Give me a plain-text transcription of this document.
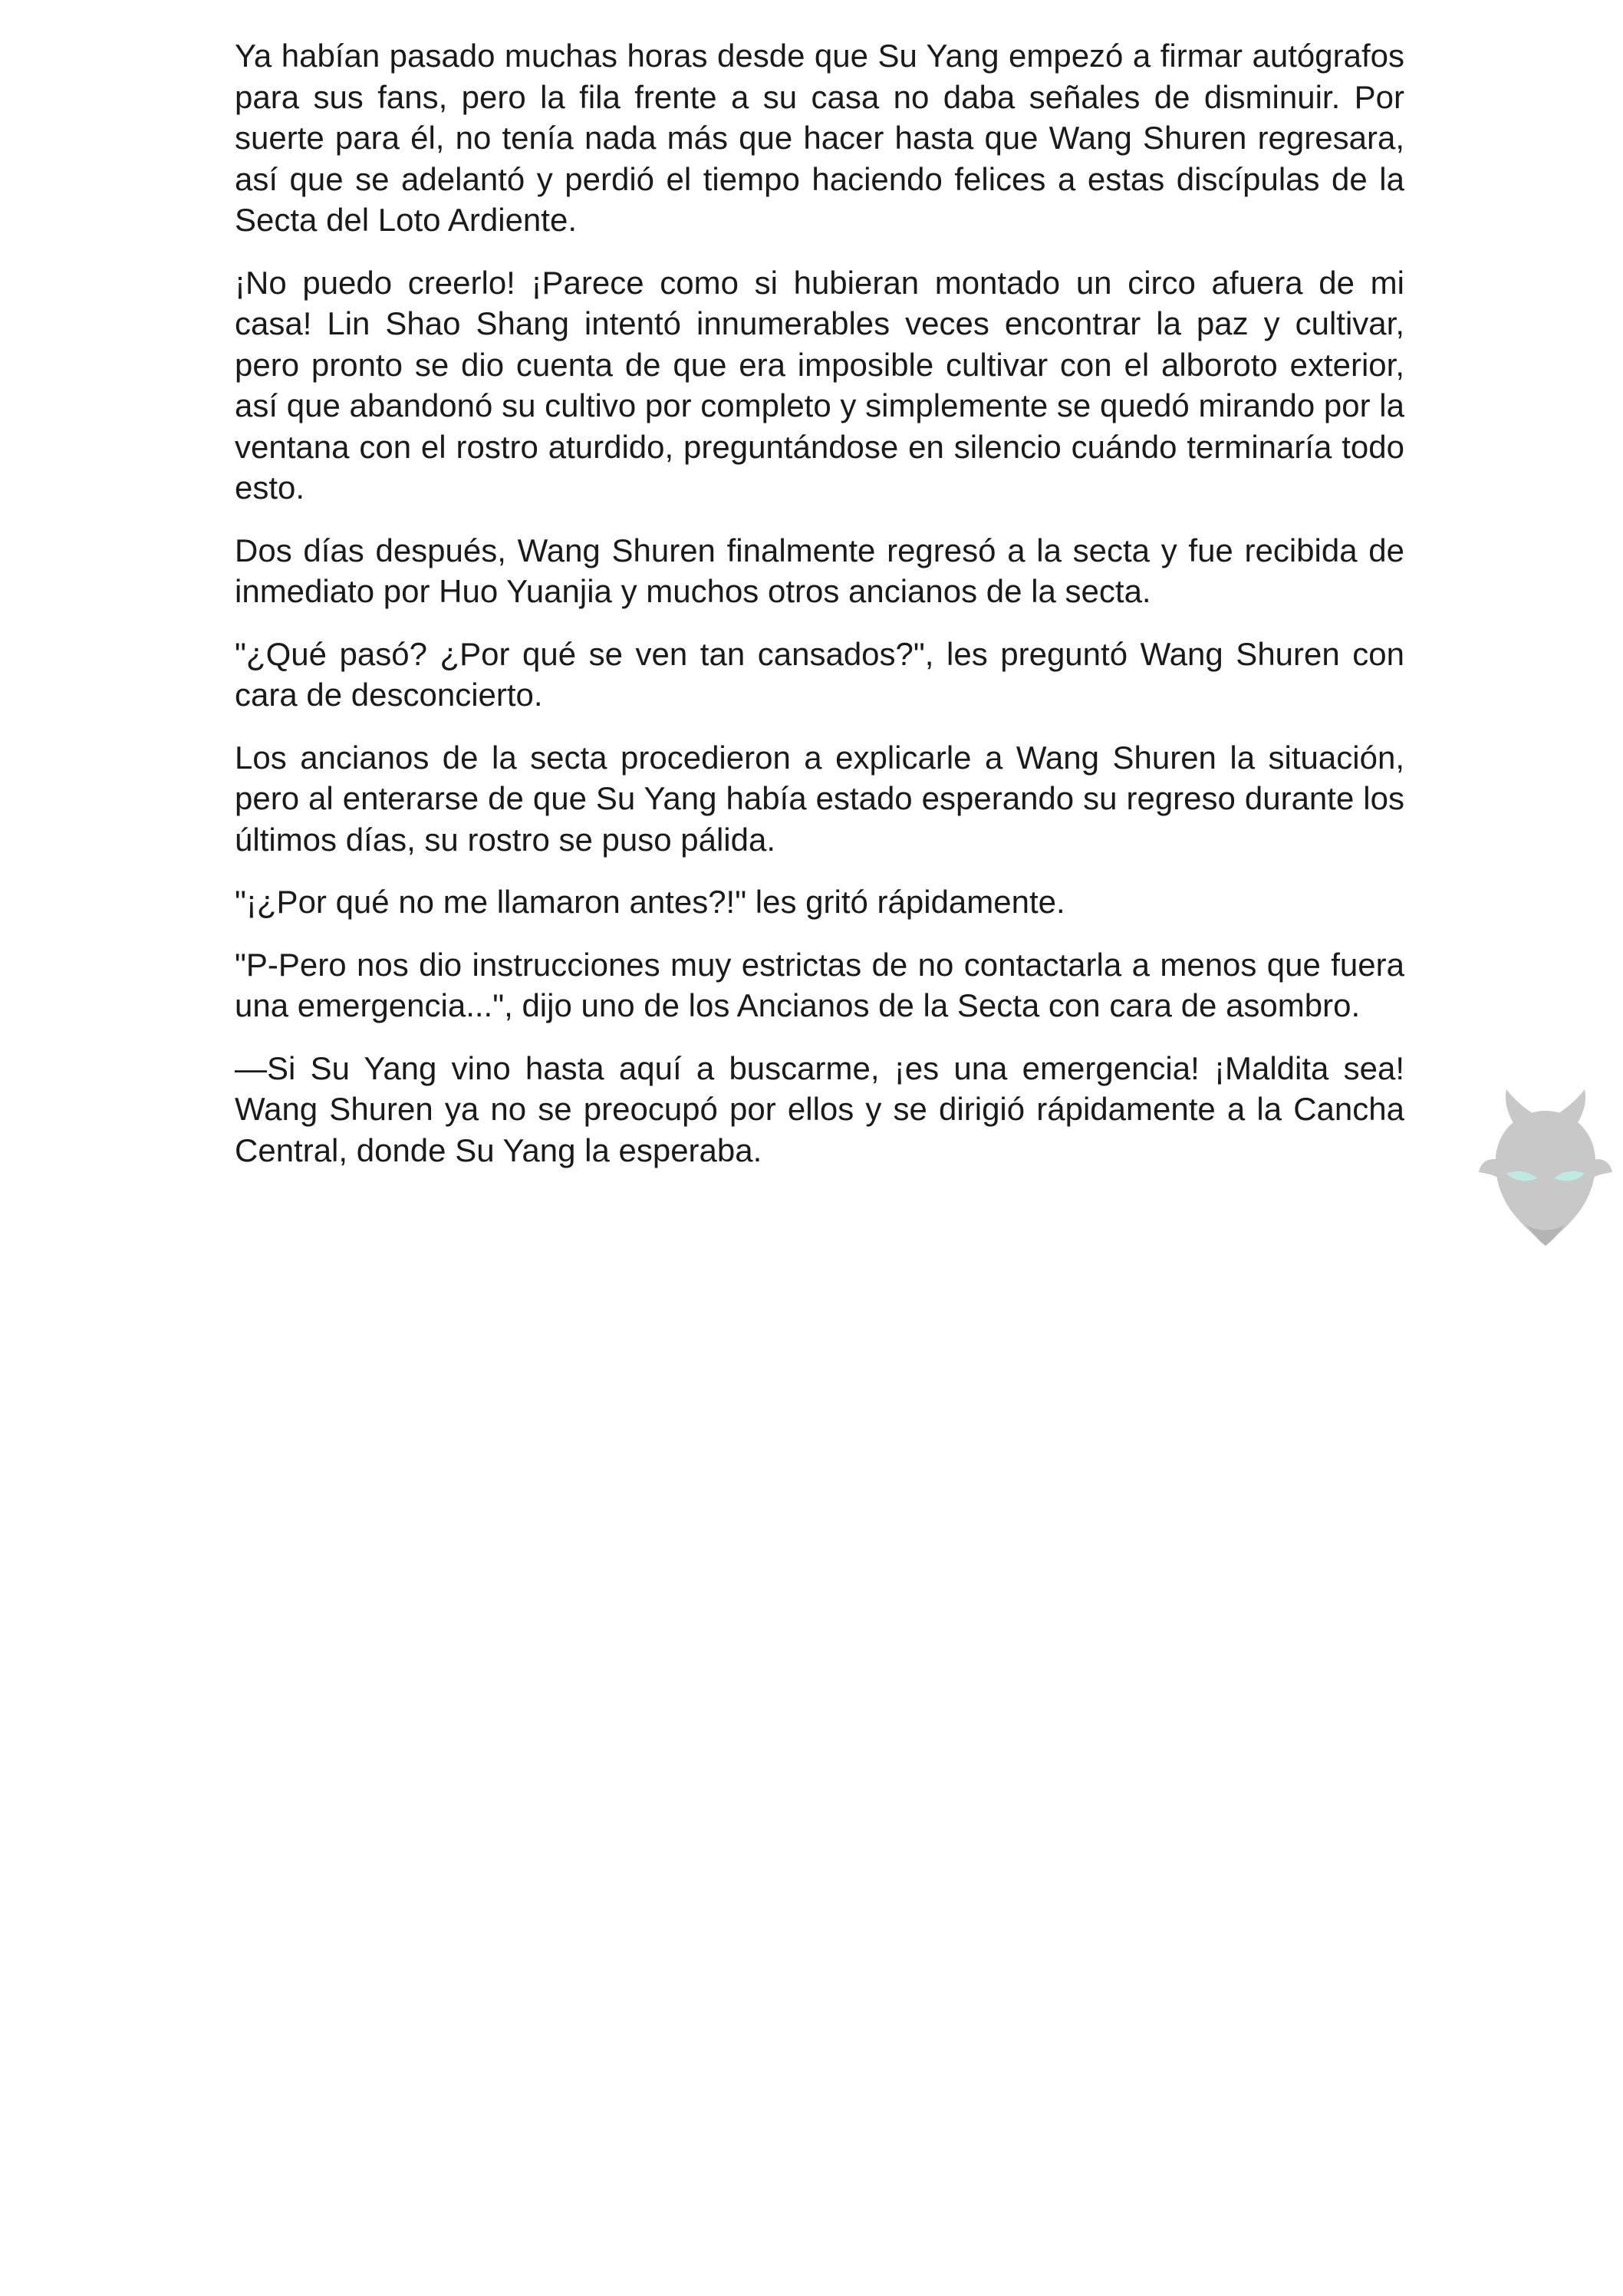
Ya habían pasado muchas horas desde que Su Yang empezó a firmar autógrafos para sus fans, pero la fila frente a su casa no daba señales de disminuir. Por suerte para él, no tenía nada más que hacer hasta que Wang Shuren regresara, así que se adelantó y perdió el tiempo haciendo felices a estas discípulas de la Secta del Loto Ardiente.

¡No puedo creerlo! ¡Parece como si hubieran montado un circo afuera de mi casa! Lin Shao Shang intentó innumerables veces encontrar la paz y cultivar, pero pronto se dio cuenta de que era imposible cultivar con el alboroto exterior, así que abandonó su cultivo por completo y simplemente se quedó mirando por la ventana con el rostro aturdido, preguntándose en silencio cuándo terminaría todo esto.

Dos días después, Wang Shuren finalmente regresó a la secta y fue recibida de inmediato por Huo Yuanjia y muchos otros ancianos de la secta.

"¿Qué pasó? ¿Por qué se ven tan cansados?", les preguntó Wang Shuren con cara de desconcierto.

Los ancianos de la secta procedieron a explicarle a Wang Shuren la situación, pero al enterarse de que Su Yang había estado esperando su regreso durante los últimos días, su rostro se puso pálida.

"¡¿Por qué no me llamaron antes?!" les gritó rápidamente.

"P-Pero nos dio instrucciones muy estrictas de no contactarla a menos que fuera una emergencia...", dijo uno de los Ancianos de la Secta con cara de asombro.

—Si Su Yang vino hasta aquí a buscarme, ¡es una emergencia! ¡Maldita sea! Wang Shuren ya no se preocupó por ellos y se dirigió rápidamente a la Cancha Central, donde Su Yang la esperaba.
